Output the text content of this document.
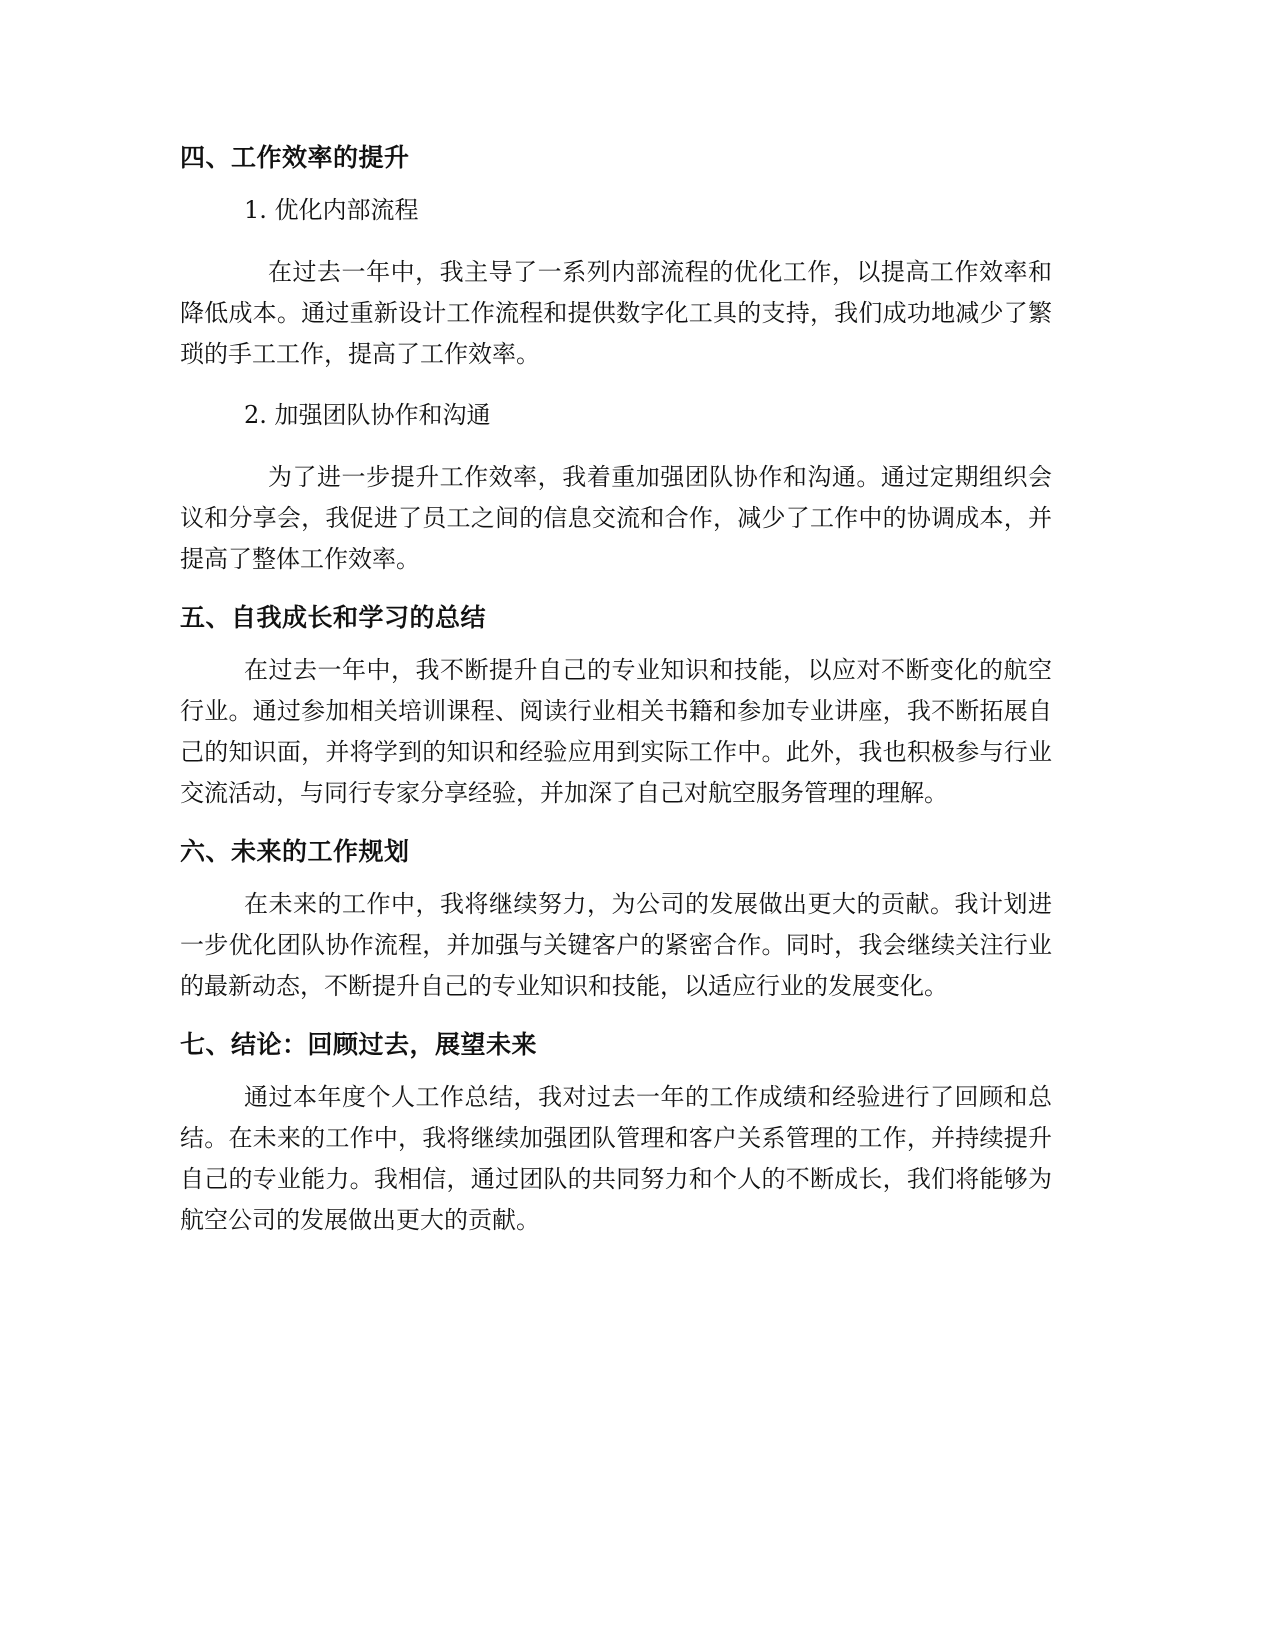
四、工作效率的提升

1. 优化内部流程

在过去一年中，我主导了一系列内部流程的优化工作，以提高工作效率和降低成本。通过重新设计工作流程和提供数字化工具的支持，我们成功地减少了繁琐的手工工作，提高了工作效率。

2. 加强团队协作和沟通

为了进一步提升工作效率，我着重加强团队协作和沟通。通过定期组织会议和分享会，我促进了员工之间的信息交流和合作，减少了工作中的协调成本，并提高了整体工作效率。

五、自我成长和学习的总结

在过去一年中，我不断提升自己的专业知识和技能，以应对不断变化的航空行业。通过参加相关培训课程、阅读行业相关书籍和参加专业讲座，我不断拓展自己的知识面，并将学到的知识和经验应用到实际工作中。此外，我也积极参与行业交流活动，与同行专家分享经验，并加深了自己对航空服务管理的理解。

六、未来的工作规划

在未来的工作中，我将继续努力，为公司的发展做出更大的贡献。我计划进一步优化团队协作流程，并加强与关键客户的紧密合作。同时，我会继续关注行业的最新动态，不断提升自己的专业知识和技能，以适应行业的发展变化。

七、结论：回顾过去，展望未来

通过本年度个人工作总结，我对过去一年的工作成绩和经验进行了回顾和总结。在未来的工作中，我将继续加强团队管理和客户关系管理的工作，并持续提升自己的专业能力。我相信，通过团队的共同努力和个人的不断成长，我们将能够为航空公司的发展做出更大的贡献。
